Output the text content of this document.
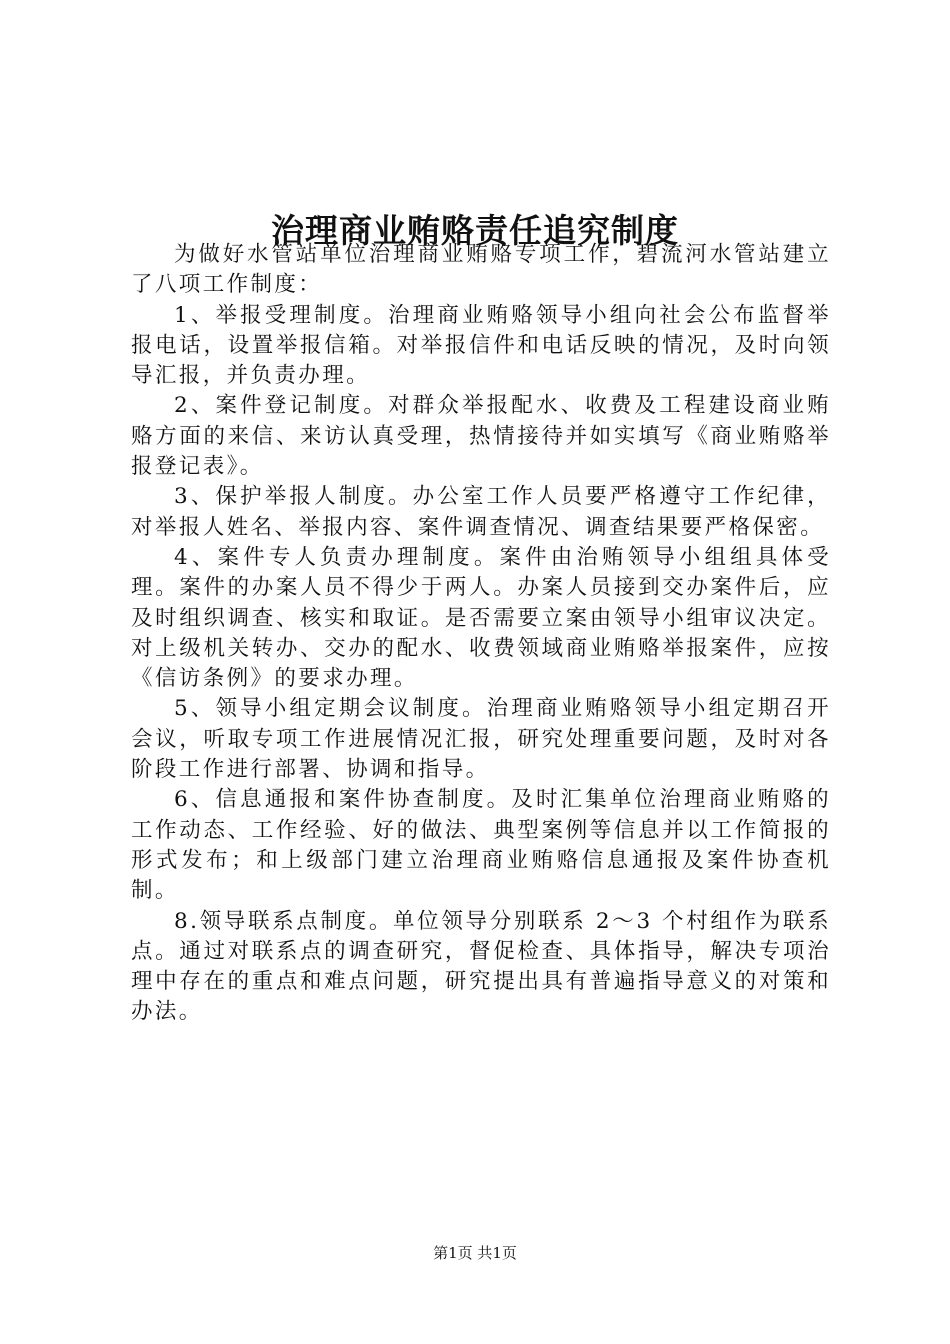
治理商业贿赂责任追究制度

为做好水管站单位治理商业贿赂专项工作，碧流河水管站建立了八项工作制度：

1、举报受理制度。治理商业贿赂领导小组向社会公布监督举报电话，设置举报信箱。对举报信件和电话反映的情况，及时向领导汇报，并负责办理。

2、案件登记制度。对群众举报配水、收费及工程建设商业贿赂方面的来信、来访认真受理，热情接待并如实填写《商业贿赂举报登记表》。

3、保护举报人制度。办公室工作人员要严格遵守工作纪律，对举报人姓名、举报内容、案件调查情况、调查结果要严格保密。

4、案件专人负责办理制度。案件由治贿领导小组组具体受理。案件的办案人员不得少于两人。办案人员接到交办案件后，应及时组织调查、核实和取证。是否需要立案由领导小组审议决定。对上级机关转办、交办的配水、收费领域商业贿赂举报案件，应按《信访条例》的要求办理。

5、领导小组定期会议制度。治理商业贿赂领导小组定期召开会议，听取专项工作进展情况汇报，研究处理重要问题，及时对各阶段工作进行部署、协调和指导。

6、信息通报和案件协查制度。及时汇集单位治理商业贿赂的工作动态、工作经验、好的做法、典型案例等信息并以工作简报的形式发布；和上级部门建立治理商业贿赂信息通报及案件协查机制。

8.领导联系点制度。单位领导分别联系 2～3 个村组作为联系点。通过对联系点的调查研究，督促检查、具体指导，解决专项治理中存在的重点和难点问题，研究提出具有普遍指导意义的对策和办法。

第1页 共1页
